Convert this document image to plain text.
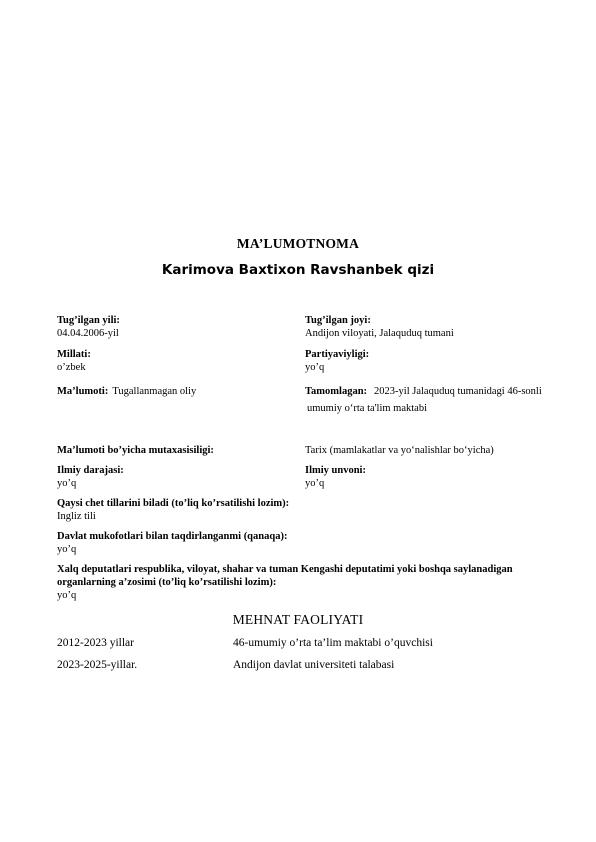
MA’LUMOTNOMA
Karimova Baxtixon Ravshanbek qizi
Tug’ilgan yili:
04.04.2006-yil
Tug’ilgan joyi:
Andijon viloyati, Jalaquduq tumani
Millati:
o’zbek
Partiyaviyligi:
yo’q
Ma’lumoti: Tugallanmagan oliy	Tamomlagan: 2023-yil Jalaquduq tumanidagi 46-sonli
umumiy o‘rta ta'lim maktabi
Ma’lumoti bo’yicha mutaxasisiligi:	Tarix (mamlakatlar va yo‘nalishlar bo‘yicha)
Ilmiy darajasi:
yo’q
Ilmiy unvoni:
yo’q
Qaysi chet tillarini biladi (to’liq ko’rsatilishi lozim):
Ingliz tili
Davlat mukofotlari bilan taqdirlanganmi (qanaqa):
yo’q
Xalq deputatlari respublika, viloyat, shahar va tuman Kengashi deputatimi yoki boshqa saylanadigan
organlarning a’zosimi (to’liq ko’rsatilishi lozim):
yo’q
MEHNAT FAOLIYATI
2012-2023 yillar	46-umumiy o’rta ta’lim maktabi o’quvchisi
2023-2025-yillar.	Andijon davlat universiteti talabasi
